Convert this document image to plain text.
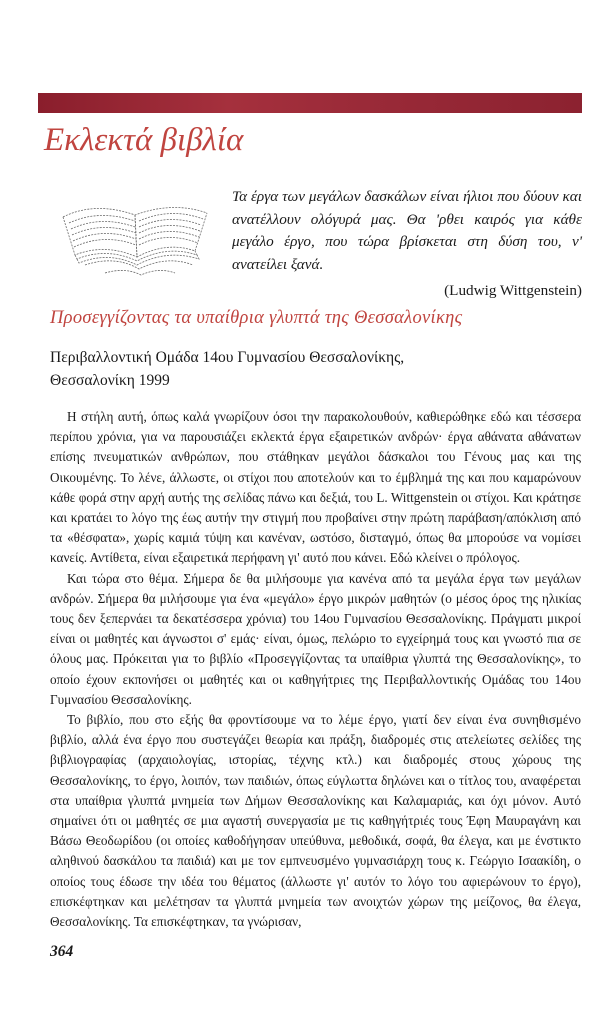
Εκλεκτά βιβλία

Τα έργα των μεγάλων δασκάλων είναι ήλιοι που δύουν και ανατέλλουν ολόγυρά μας. Θα 'ρθει καιρός για κάθε μεγάλο έργο, που τώρα βρίσκεται στη δύση του, ν' ανατείλει ξανά.

(Ludwig Wittgenstein)

Προσεγγίζοντας τα υπαίθρια γλυπτά της Θεσσαλονίκης

Περιβαλλοντική Ομάδα 14ου Γυμνασίου Θεσσαλονίκης,
Θεσσαλονίκη 1999

Η στήλη αυτή, όπως καλά γνωρίζουν όσοι την παρακολουθούν, καθιερώθηκε εδώ και τέσσερα περίπου χρόνια, για να παρουσιάζει εκλεκτά έργα εξαιρετικών ανδρών· έργα αθάνατα αθάνατων επίσης πνευματικών ανθρώπων, που στάθηκαν μεγάλοι δάσκαλοι του Γένους μας και της Οικουμένης. Το λένε, άλλωστε, οι στίχοι που αποτελούν και το έμβλημά της και που καμαρώνουν κάθε φορά στην αρχή αυτής της σελίδας πάνω και δεξιά, του L. Wittgenstein οι στίχοι. Και κράτησε και κρατάει το λόγο της έως αυτήν την στιγμή που προβαίνει στην πρώτη παράβαση/απόκλιση από τα «θέσφατα», χωρίς καμιά τύψη και κανέναν, ωστόσο, δισταγμό, όπως θα μπορούσε να νομίσει κανείς. Αντίθετα, είναι εξαιρετικά περήφανη γι' αυτό που κάνει. Εδώ κλείνει ο πρόλογος.

Και τώρα στο θέμα. Σήμερα δε θα μιλήσουμε για κανένα από τα μεγάλα έργα των μεγάλων ανδρών. Σήμερα θα μιλήσουμε για ένα «μεγάλο» έργο μικρών μαθητών (ο μέσος όρος της ηλικίας τους δεν ξεπερνάει τα δεκατέσσερα χρόνια) του 14ου Γυμνασίου Θεσσαλονίκης. Πράγματι μικροί είναι οι μαθητές και άγνωστοι σ' εμάς· είναι, όμως, πελώριο το εγχείρημά τους και γνωστό πια σε όλους μας. Πρόκειται για το βιβλίο «Προσεγγίζοντας τα υπαίθρια γλυπτά της Θεσσαλονίκης», το οποίο έχουν εκπονήσει οι μαθητές και οι καθηγήτριες της Περιβαλλοντικής Ομάδας του 14ου Γυμνασίου Θεσσαλονίκης.

Το βιβλίο, που στο εξής θα φροντίσουμε να το λέμε έργο, γιατί δεν είναι ένα συνηθισμένο βιβλίο, αλλά ένα έργο που συστεγάζει θεωρία και πράξη, διαδρομές στις ατελείωτες σελίδες της βιβλιογραφίας (αρχαιολογίας, ιστορίας, τέχνης κτλ.) και διαδρομές στους χώρους της Θεσσαλονίκης, το έργο, λοιπόν, των παιδιών, όπως εύγλωττα δηλώνει και ο τίτλος του, αναφέρεται στα υπαίθρια γλυπτά μνημεία των Δήμων Θεσσαλονίκης και Καλαμαριάς, και όχι μόνον. Αυτό σημαίνει ότι οι μαθητές σε μια αγαστή συνεργασία με τις καθηγήτριές τους Έφη Μαυραγάνη και Βάσω Θεοδωρίδου (οι οποίες καθοδήγησαν υπεύθυνα, μεθοδικά, σοφά, θα έλεγα, και με ένστικτο αληθινού δασκάλου τα παιδιά) και με τον εμπνευσμένο γυμνασιάρχη τους κ. Γεώργιο Ισαακίδη, ο οποίος τους έδωσε την ιδέα του θέματος (άλλωστε γι' αυτόν το λόγο του αφιερώνουν το έργο), επισκέφτηκαν και μελέτησαν τα γλυπτά μνημεία των ανοιχτών χώρων της μείζονος, θα έλεγα, Θεσσαλονίκης. Τα επισκέφτηκαν, τα γνώρισαν,

364
